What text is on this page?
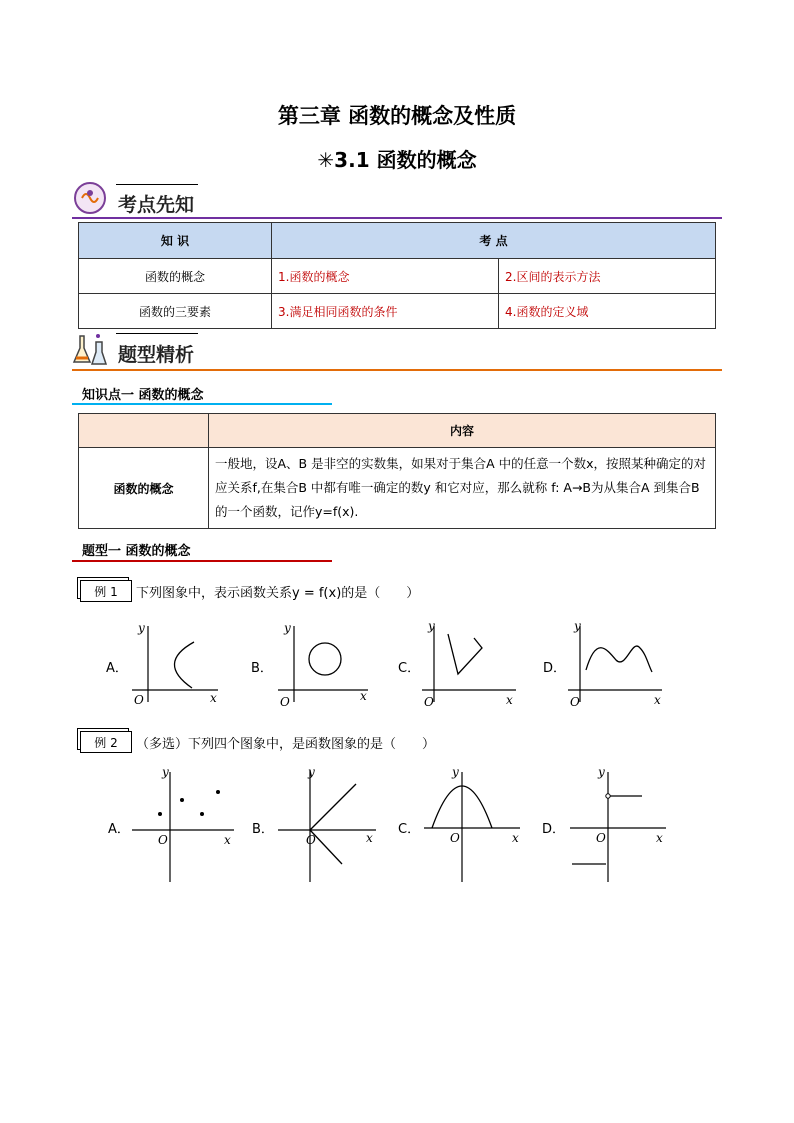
第三章 函数的概念及性质
✳3.1 函数的概念
考点先知
知 识	考 点	
函数的概念	1.函数的概念	2.区间的表示方法
函数的三要素	3.满足相同函数的条件	4.函数的定义域
题型精析
知识点一 函数的概念
	内容
函数的概念	一般地，设A、B 是非空的实数集，如果对于集合A 中的任意一个数x，按照某种确定的对应关系f,在集合B 中都有唯一确定的数y 和它对应，那么就称 f: A→B为从集合A 到集合B 的一个函数，记作y=f(x).
题型一 函数的概念
例 1	下列图象中，表示函数关系y = f(x)的是（　　）
A．
y
x
O
B．
y
x
O
C．
y
x
O
D．
y
x
O
例 2	（多选）下列四个图象中，是函数图象的是（　　）
A．
y
x
O
B．
y
x
O
C．
y
x
O
D．
y
x
O
